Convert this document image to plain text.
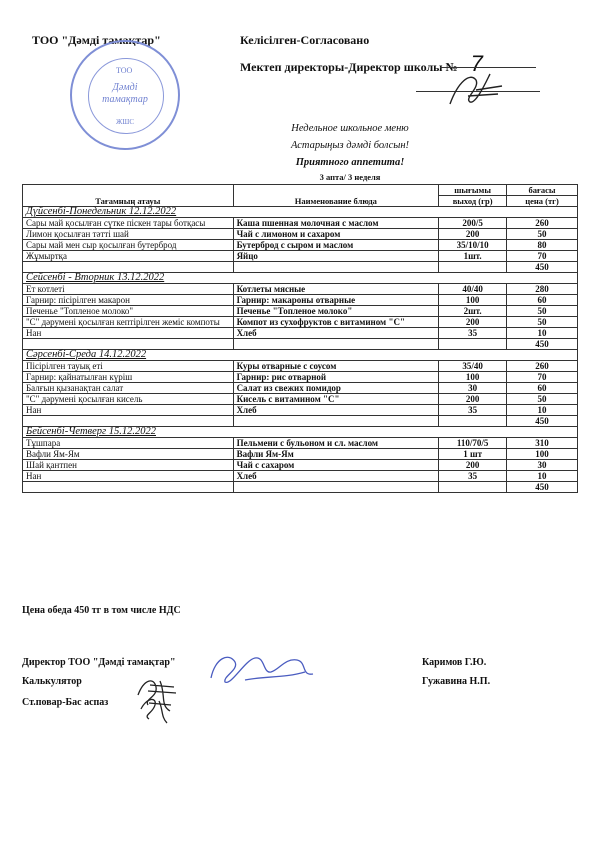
ТОО "Дәмді тамақтар"	Келісілген-Согласовано
Мектеп директоры-Директор школы № 7
ТОО
Дәмді
тамақтар
ЖШС
Недельное школьное меню
Астарыңыз дәмді болсын!
Приятного аппетита!
3 апта/ 3 неделя
Тағамның атауы	Наименование блюда	шығымы	бағасы
		выход (гр)	цена (тг)
Дүйсенбі-Понедельник 12.12.2022			
Сары май қосылған сүтке піскен тары ботқасы	Каша пшенная молочная с маслом	200/5	260
Лимон қосылған тәтті шай	Чай с лимоном и сахаром	200	50
Сары май мен сыр қосылған бутерброд	Бутерброд с сыром и маслом	35/10/10	80
Жұмыртқа	Яйцо	1шт.	70
			450
Сейсенбі - Вторник 13.12.2022			
Ет котлеті	Котлеты мясные	40/40	280
Гарнир: пісірілген макарон	Гарнир: макароны отварные	100	60
Печенье "Топленое молоко"	Печенье "Топленое молоко"	2шт.	50
"С" дәрумені қосылған кептірілген жеміс компоты	Компот из сухофруктов с витамином "С"	200	50
Нан	Хлеб	35	10
			450
Сәрсенбі-Среда 14.12.2022			
Пісірілген тауық еті	Куры отварные с соусом	35/40	260
Гарнир: қайнатылған күріш	Гарнир: рис отварной	100	70
Балғын қызанақтан салат	Салат из свежих помидор	30	60
"С" дәрумені қосылған кисель	Кисель с витамином "С"	200	50
Нан	Хлеб	35	10
			450
Бейсенбі-Четверг 15.12.2022			
Тұшпара	Пельмени с бульоном и сл. маслом	110/70/5	310
Вафли Ям-Ям	Вафли Ям-Ям	1 шт	100
Шай қантпен	Чай с сахаром	200	30
Нан	Хлеб	35	10
			450
Цена обеда 450 тг в том числе НДС
Директор ТОО "Дәмді тамақтар"	Каримов Г.Ю.
Калькулятор	Гужавина Н.П.
Ст.повар-Бас аспаз
